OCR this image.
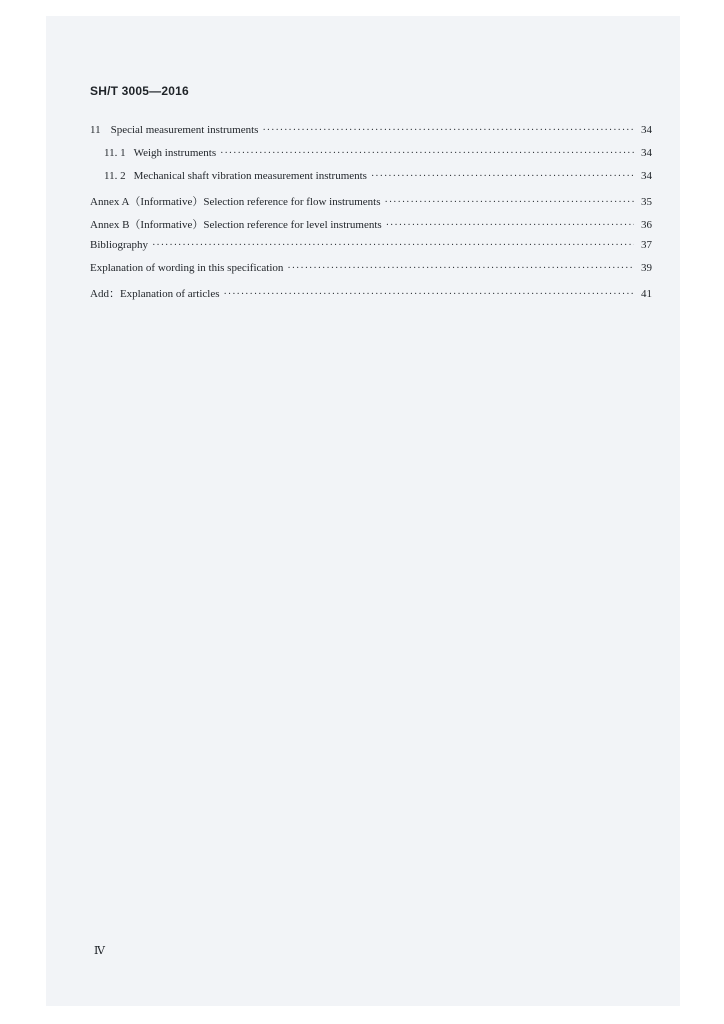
SH/T 3005—2016
11 Special measurement instruments ·····	34
11. 1 Weigh instruments ·····	34
11. 2 Mechanical shaft vibration measurement instruments ·····	34
Annex A（Informative）Selection reference for flow instruments ·····	35
Annex B（Informative）Selection reference for level instruments ·····	36
Bibliography ·····	37
Explanation of wording in this specification ·····	39
Add：Explanation of articles ·····	41
Ⅳ
